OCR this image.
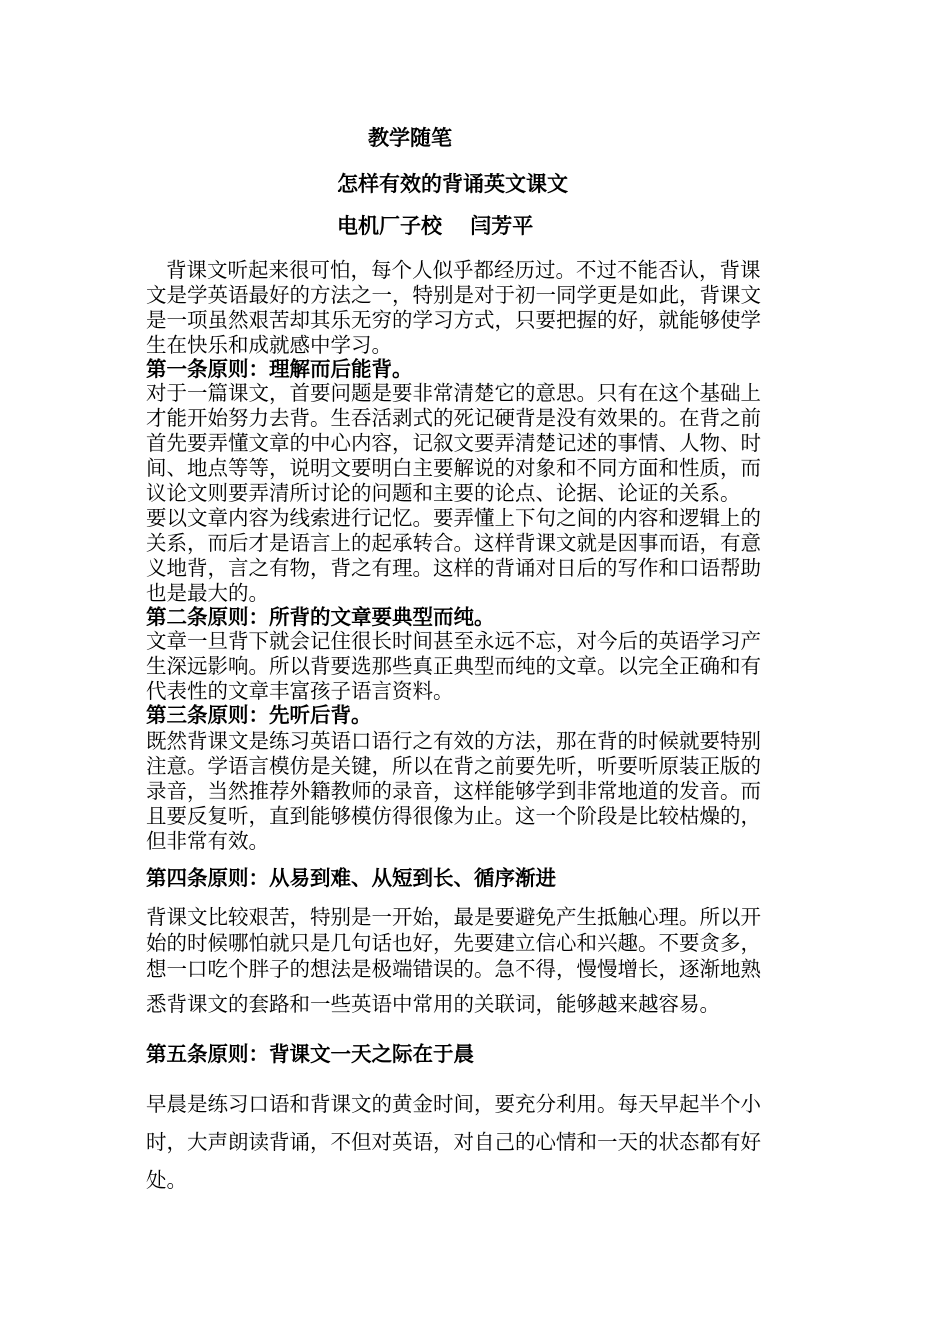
教学随笔
怎样有效的背诵英文课文
电机厂子校　 闫芳平
背课文听起来很可怕，每个人似乎都经历过。不过不能否认，背课
文是学英语最好的方法之一，特别是对于初一同学更是如此，背课文
是一项虽然艰苦却其乐无穷的学习方式，只要把握的好，就能够使学
生在快乐和成就感中学习。
第一条原则：理解而后能背。
对于一篇课文，首要问题是要非常清楚它的意思。只有在这个基础上
才能开始努力去背。生吞活剥式的死记硬背是没有效果的。在背之前
首先要弄懂文章的中心内容，记叙文要弄清楚记述的事情、人物、时
间、地点等等，说明文要明白主要解说的对象和不同方面和性质，而
议论文则要弄清所讨论的问题和主要的论点、论据、论证的关系。
要以文章内容为线索进行记忆。要弄懂上下句之间的内容和逻辑上的
关系，而后才是语言上的起承转合。这样背课文就是因事而语，有意
义地背，言之有物，背之有理。这样的背诵对日后的写作和口语帮助
也是最大的。
第二条原则：所背的文章要典型而纯。
文章一旦背下就会记住很长时间甚至永远不忘，对今后的英语学习产
生深远影响。所以背要选那些真正典型而纯的文章。以完全正确和有
代表性的文章丰富孩子语言资料。
第三条原则：先听后背。
既然背课文是练习英语口语行之有效的方法，那在背的时候就要特别
注意。学语言模仿是关键，所以在背之前要先听，听要听原装正版的
录音，当然推荐外籍教师的录音，这样能够学到非常地道的发音。而
且要反复听，直到能够模仿得很像为止。这一个阶段是比较枯燥的，
但非常有效。
第四条原则：从易到难、从短到长、循序渐进
背课文比较艰苦，特别是一开始，最是要避免产生抵触心理。所以开
始的时候哪怕就只是几句话也好，先要建立信心和兴趣。不要贪多，
想一口吃个胖子的想法是极端错误的。急不得，慢慢增长，逐渐地熟
悉背课文的套路和一些英语中常用的关联词，能够越来越容易。
第五条原则：背课文一天之际在于晨
早晨是练习口语和背课文的黄金时间，要充分利用。每天早起半个小
时，大声朗读背诵，不但对英语，对自己的心情和一天的状态都有好
处。
